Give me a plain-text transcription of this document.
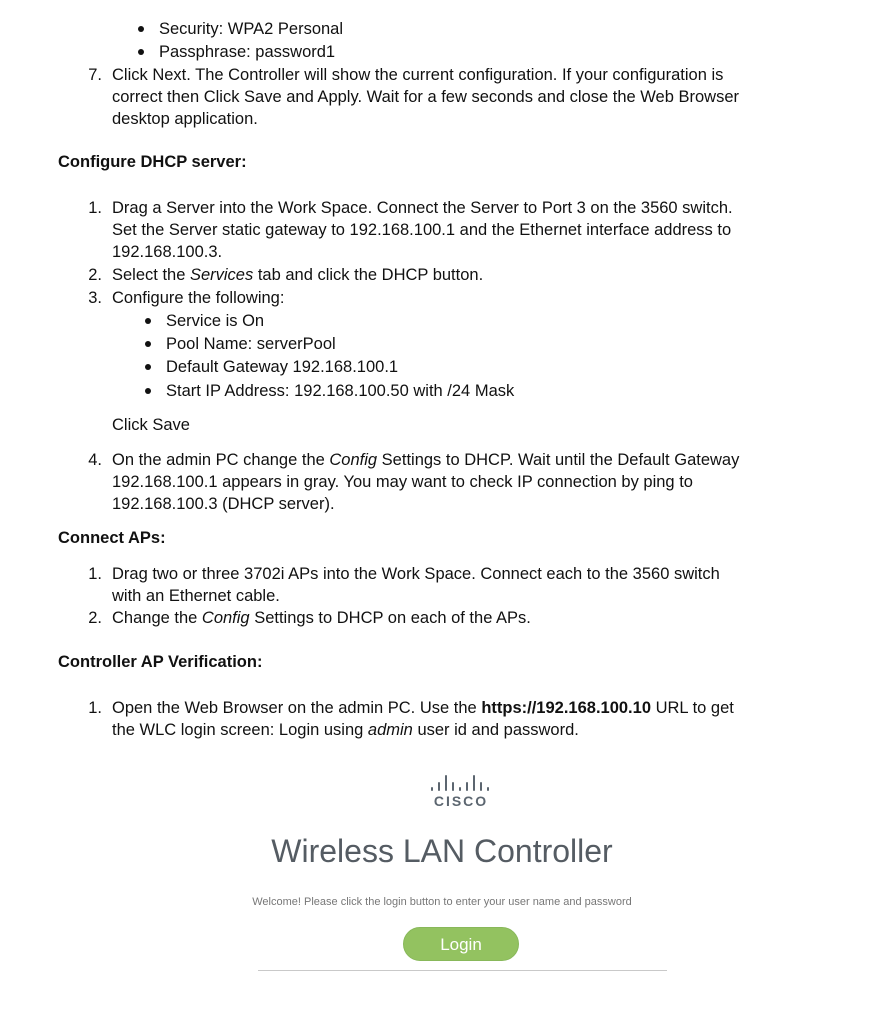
Security: WPA2 Personal
Passphrase: password1
7. Click Next. The Controller will show the current configuration. If your configuration is
correct then Click Save and Apply. Wait for a few seconds and close the Web Browser
desktop application.
Configure DHCP server:
1. Drag a Server into the Work Space. Connect the Server to Port 3 on the 3560 switch.
Set the Server static gateway to 192.168.100.1 and the Ethernet interface address to
192.168.100.3.
2. Select the Services tab and click the DHCP button.
3. Configure the following:
Service is On
Pool Name: serverPool
Default Gateway 192.168.100.1
Start IP Address: 192.168.100.50 with /24 Mask
Click Save
4. On the admin PC change the Config Settings to DHCP. Wait until the Default Gateway
192.168.100.1 appears in gray. You may want to check IP connection by ping to
192.168.100.3 (DHCP server).
Connect APs:
1. Drag two or three 3702i APs into the Work Space. Connect each to the 3560 switch
with an Ethernet cable.
2. Change the Config Settings to DHCP on each of the APs.
Controller AP Verification:
1. Open the Web Browser on the admin PC. Use the https://192.168.100.10 URL to get
the WLC login screen: Login using admin user id and password.
CISCO
Wireless LAN Controller
Welcome! Please click the login button to enter your user name and password
Login
